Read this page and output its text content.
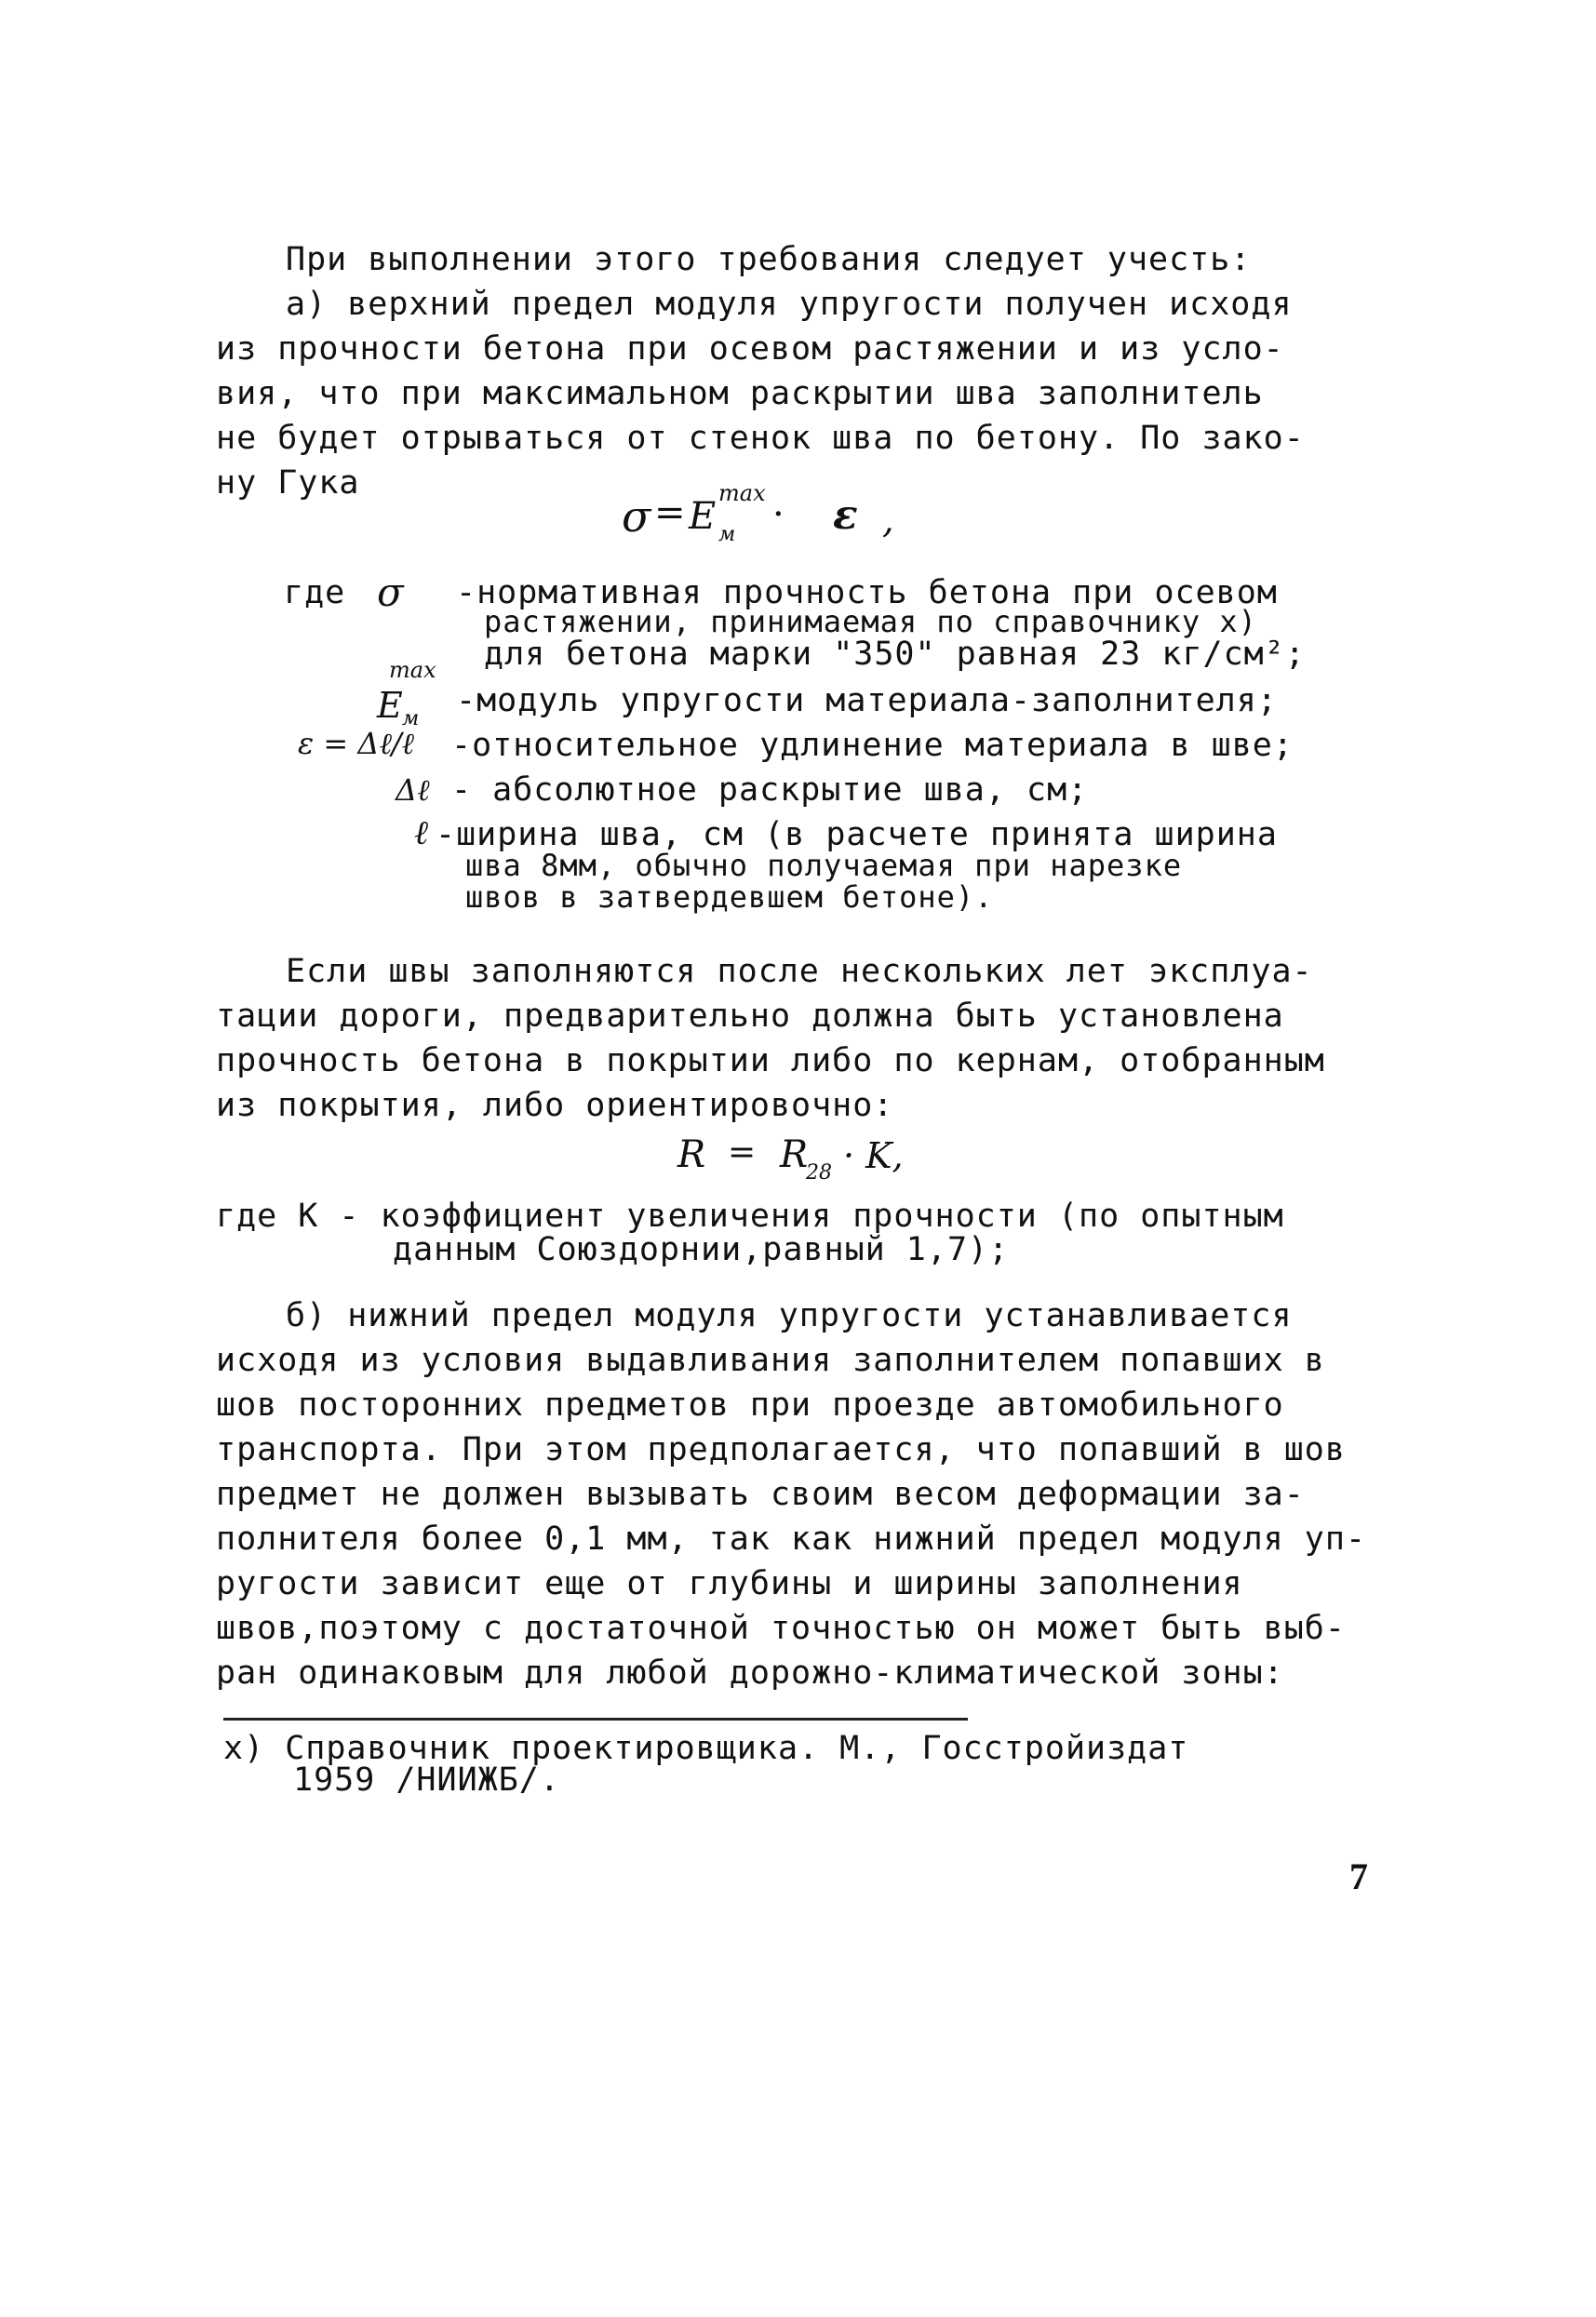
При выполнении этого требования следует учесть:
а) верхний предел модуля упругости получен исходя
из прочности бетона при осевом растяжении и из усло-
вия, что при максимальном раскрытии шва заполнитель
не будет отрываться от стенок шва по бетону. По зако-
ну Гука
σ = E
max
м · ε ,
где σ -нормативная прочность бетона при осевом
растяжении, принимаемая по справочнику х)
для бетона марки "350" равная 23 кг/см²;
E
max
м -модуль упругости материала-заполнителя;
ε = Δℓ/ℓ -относительное удлинение материала в шве;
Δℓ - абсолютное раскрытие шва, см;
ℓ -ширина шва, см (в расчете принята ширина
шва 8мм, обычно получаемая при нарезке
швов в затвердевшем бетоне).
Если швы заполняются после нескольких лет эксплуа-
тации дороги, предварительно должна быть установлена
прочность бетона в покрытии либо по кернам, отобранным
из покрытия, либо ориентировочно:
R = R
28 · K,
где К - коэффициент увеличения прочности (по опытным
данным Союздорнии,равный 1,7);
б) нижний предел модуля упругости устанавливается
исходя из условия выдавливания заполнителем попавших в
шов посторонних предметов при проезде автомобильного
транспорта. При этом предполагается, что попавший в шов
предмет не должен вызывать своим весом деформации за-
полнителя более 0,1 мм, так как нижний предел модуля уп-
ругости зависит еще от глубины и ширины заполнения
швов,поэтому с достаточной точностью он может быть выб-
ран одинаковым для любой дорожно-климатической зоны:
х) Справочник проектировщика. М., Госстройиздат
1959 /НИИЖБ/.
7
